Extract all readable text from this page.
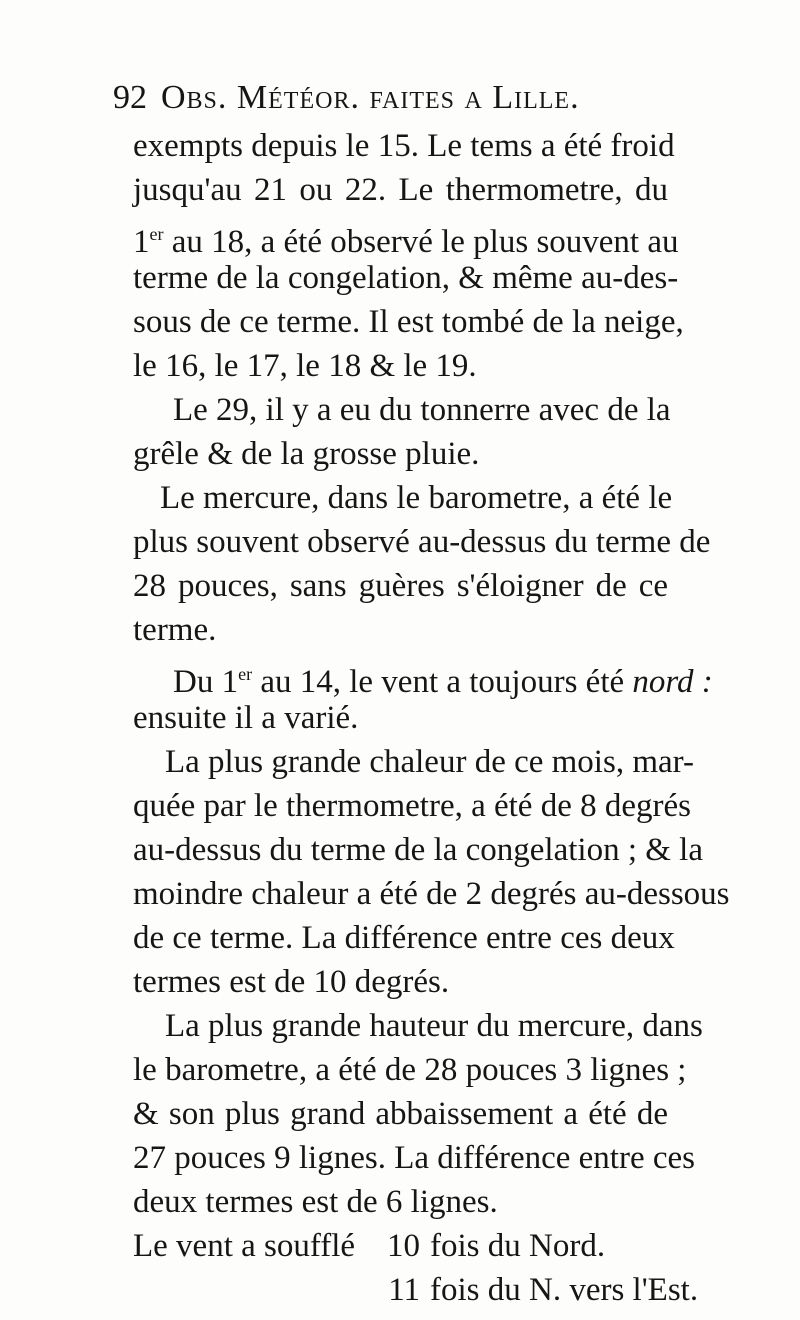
92 Obs. Météor. faites a Lille.
exempts depuis le 15. Le tems a été froid
jusqu'au 21 ou 22. Le thermometre, du
1er au 18, a été observé le plus souvent au
terme de la congelation, & même au-des-
sous de ce terme. Il est tombé de la neige,
le 16, le 17, le 18 & le 19.
Le 29, il y a eu du tonnerre avec de la
grêle & de la grosse pluie.
Le mercure, dans le barometre, a été le
plus souvent observé au-dessus du terme de
28 pouces, sans guères s'éloigner de ce
terme.
Du 1er au 14, le vent a toujours été nord :
ensuite il a varié.
La plus grande chaleur de ce mois, mar-
quée par le thermometre, a été de 8 degrés
au-dessus du terme de la congelation ; & la
moindre chaleur a été de 2 degrés au-dessous
de ce terme. La différence entre ces deux
termes est de 10 degrés.
La plus grande hauteur du mercure, dans
le barometre, a été de 28 pouces 3 lignes ;
& son plus grand abbaissement a été de
27 pouces 9 lignes. La différence entre ces
deux termes est de 6 lignes.
Le vent a soufflé 10 fois du Nord.
11 fois du N. vers l'Est.
